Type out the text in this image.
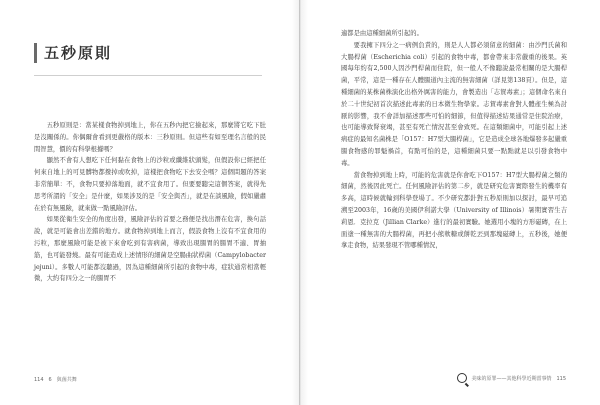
五秒原則

五秒原則是：當某樣食物掉到地上，你在五秒內把它撿起來，那麼將它吃下肚是沒關係的。你偶爾會看到更嚴格的版本：三秒原則。但這些有如至理名言般的民間智慧，價的有科學根據嗎？

顯然不會有人想吃下任何黏在食物上的沙粒或纖維狀頭髮，但假設你已經把任何來自地上的可見髒物都撥掉或吹掉，這樣把食物吃下去安全嗎？這個問題的答案非常簡單：不，食物只要掉落地面，就不宜食用了。但要要聽完這個答案，就得先思考所謂的「安全」是什麼，如果涉及的是「安全與否」，就是在談風險，假如嚴肅在於有無風險，就來做一點風險評估。

如果從衛生安全的角度出發，風險評估的首要之務便是找出潛在危害，換句話說，就是可能會出差錯的地方。就食物掉到地上而言，假設食物上沒有不宜食用的污粒，那麼風險可能是被下來會吃到有害病菌，導致出現腸胃的腸胃不適、胃抽筋，也可能發燒。最有可能造成上述情形的細菌是空腸曲狀桿菌（Campylobacter jejuni）。多數人可能都沒聽過，因為這種細菌所引起的食物中毒，症狀通常相當輕微，大約有四分之一的腸胃不

114　6　與菌共舞

適都是由這種細菌所引起的。

要我擁下四分之一病例負責的，則是人人都必須留意的細菌：由沙門氏菌和大腸桿菌（Escherichia coli）引起的食物中毒，都會帶來非常嚴重的後果。英國每年約有2,500人因沙門桿菌而住院，但一般人不像聽說最常相關的是大腸桿菌，平常，這是一種存在人體腸道內主流的無害細菌（詳見第138頁）。但是，這種細菌的某株菌株演化出格外厲害的能力，會製造出「志賀毒素」；這個命名來自於二十世紀初首次描述此毒素的日本微生物學家。志賀毒素會對人體產生極為討厭的影響，我不會詳加描述那些可怕的細節，但值得描述結果通常是住院治療，也可能導致腎衰竭，甚至有死亡情況甚至會致死。在這類細菌中，可能引起上述病症的最知名菌株是「O157：H7型大腸桿菌」，它是造成全球各地爆發多起嚴重腸食物感的罪魁禍首，有點可怕的是，這種細菌只要一點點就足以引發食物中毒。

當食物掉到地上時，可能的危害就是你會吃下O157：H7型大腸桿菌之類的細菌，然後因此死亡。任何風險評估的第二步，就是研究危害實際發生的機率有多高，這時候就輪到科學登場了。不少研究都針對五秒原則加以探討，最早可追溯至2003年，16歲的美國伊利諾大學（University of Illinois）暑期實習生吉莉恩．克拉克（Jillian Clarke）進行的最初實驗。她選用小塊的方形磁磚，在上面塗一種無害的大腸桿菌，再把小熊軟糖或餅乾丟到那塊磁磚上，五秒後，她便拿走食物，結果發現不管哪種情況，

美味的原罪——其他科學近期當事情　115
